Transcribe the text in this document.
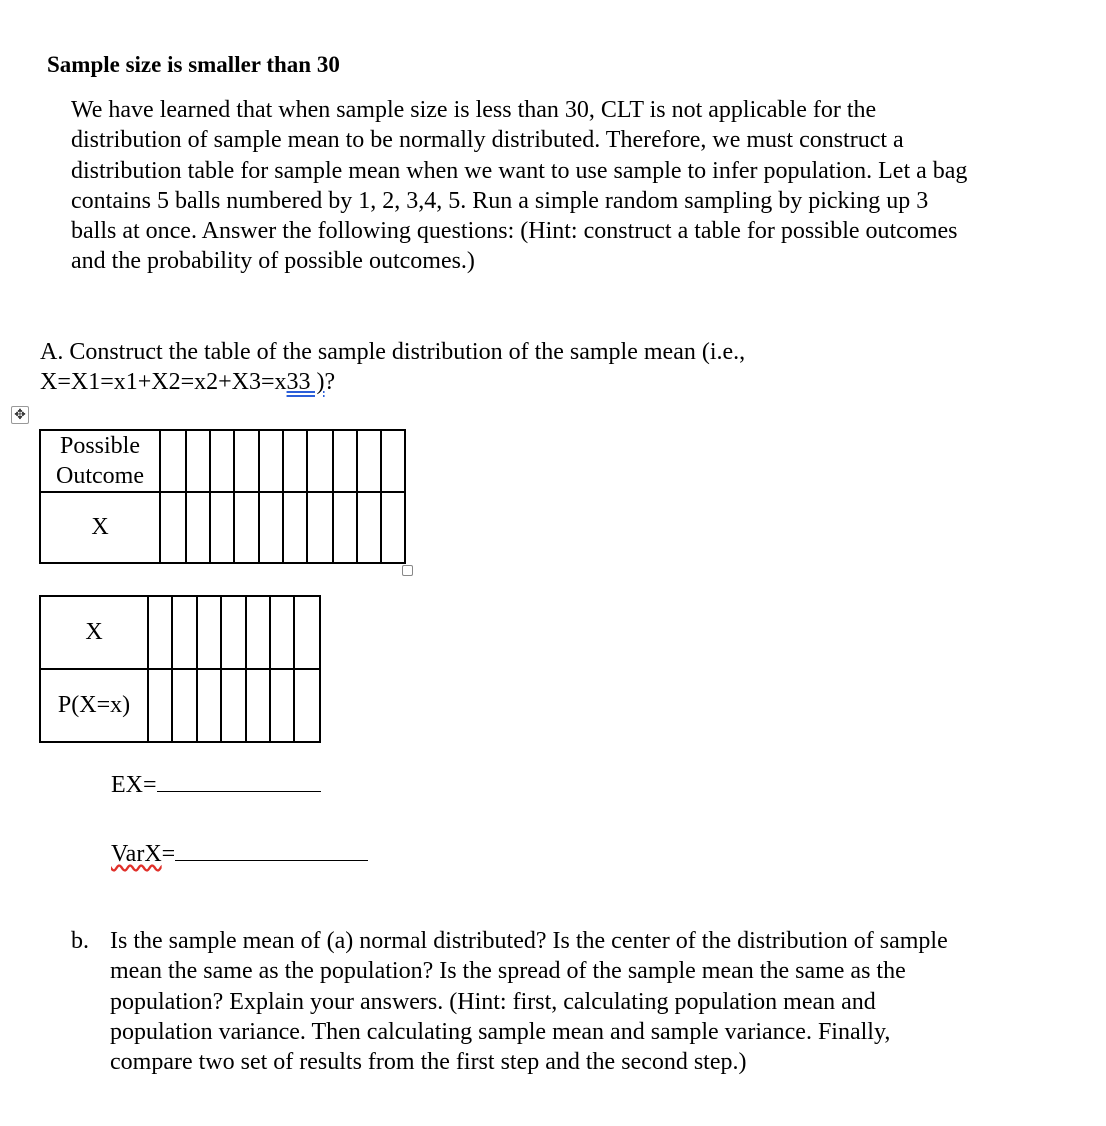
Sample size is smaller than 30
We have learned that when sample size is less than 30, CLT is not applicable for the
distribution of sample mean to be normally distributed. Therefore, we must construct a
distribution table for sample mean when we want to use sample to infer population. Let a bag
contains 5 balls numbered by 1, 2, 3,4, 5. Run a simple random sampling by picking up 3
balls at once. Answer the following questions: (Hint: construct a table for possible outcomes
and the probability of possible outcomes.)
A. Construct the table of the sample distribution of the sample mean (i.e.,
X=X1=x1+X2=x2+X3=x33 )?
✥
Possible Outcome										
X										
X							
P(X=x)							
EX=
VarX=
b. Is the sample mean of (a) normal distributed? Is the center of the distribution of sample
mean the same as the population? Is the spread of the sample mean the same as the
population? Explain your answers. (Hint: first, calculating population mean and
population variance. Then calculating sample mean and sample variance. Finally,
compare two set of results from the first step and the second step.)
